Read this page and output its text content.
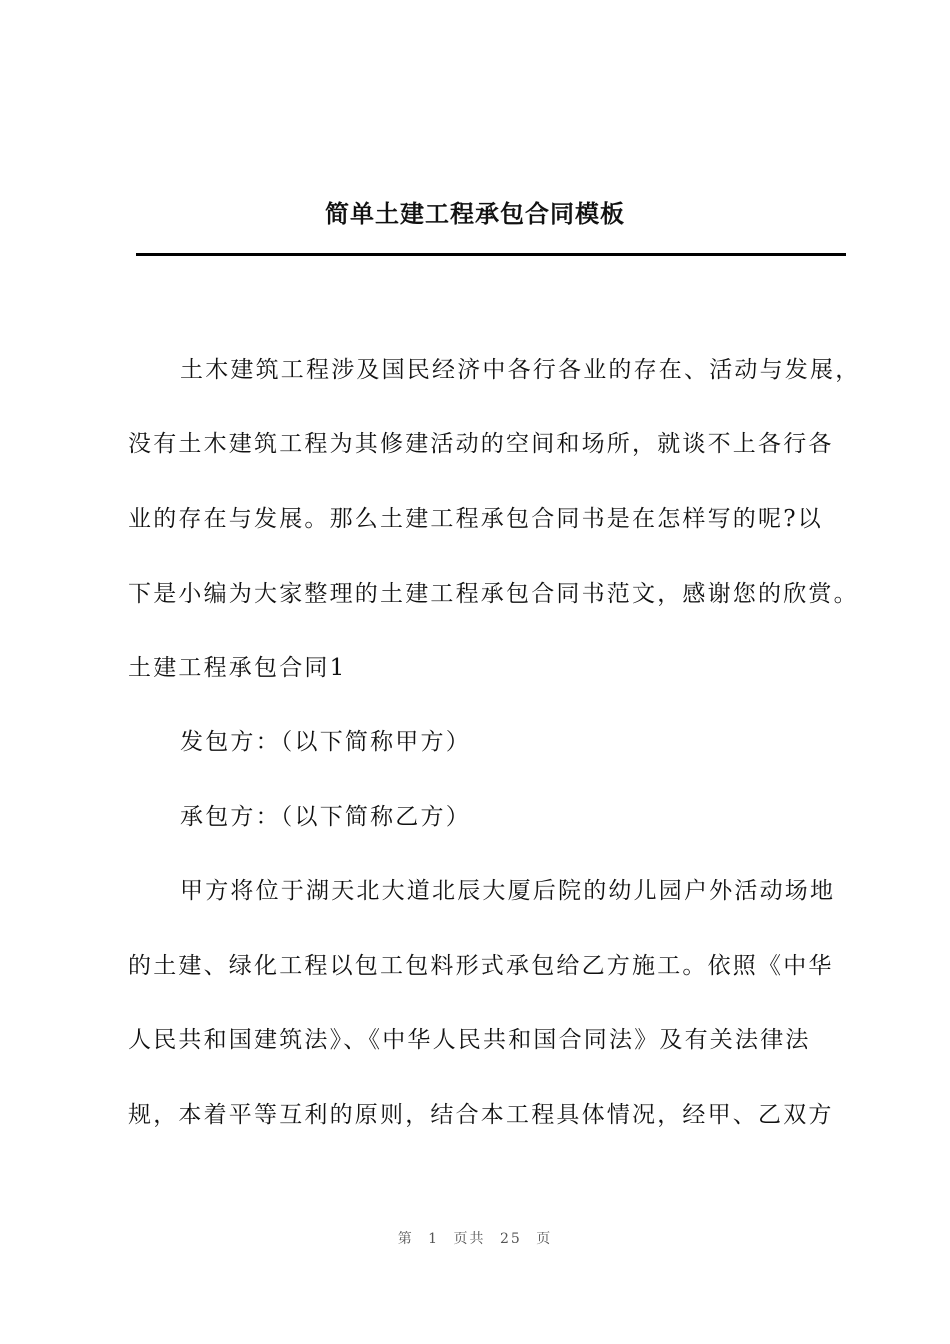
简单土建工程承包合同模板
土木建筑工程涉及国民经济中各行各业的存在、活动与发展，
没有土木建筑工程为其修建活动的空间和场所，就谈不上各行各
业的存在与发展。那么土建工程承包合同书是在怎样写的呢?以
下是小编为大家整理的土建工程承包合同书范文，感谢您的欣赏。
土建工程承包合同1
发包方：（以下简称甲方）
承包方：（以下简称乙方）
甲方将位于湖天北大道北辰大厦后院的幼儿园户外活动场地
的土建、绿化工程以包工包料形式承包给乙方施工。依照《中华
人民共和国建筑法》、《中华人民共和国合同法》及有关法律法
规，本着平等互利的原则，结合本工程具体情况，经甲、乙双方
第 1 页共 25 页
